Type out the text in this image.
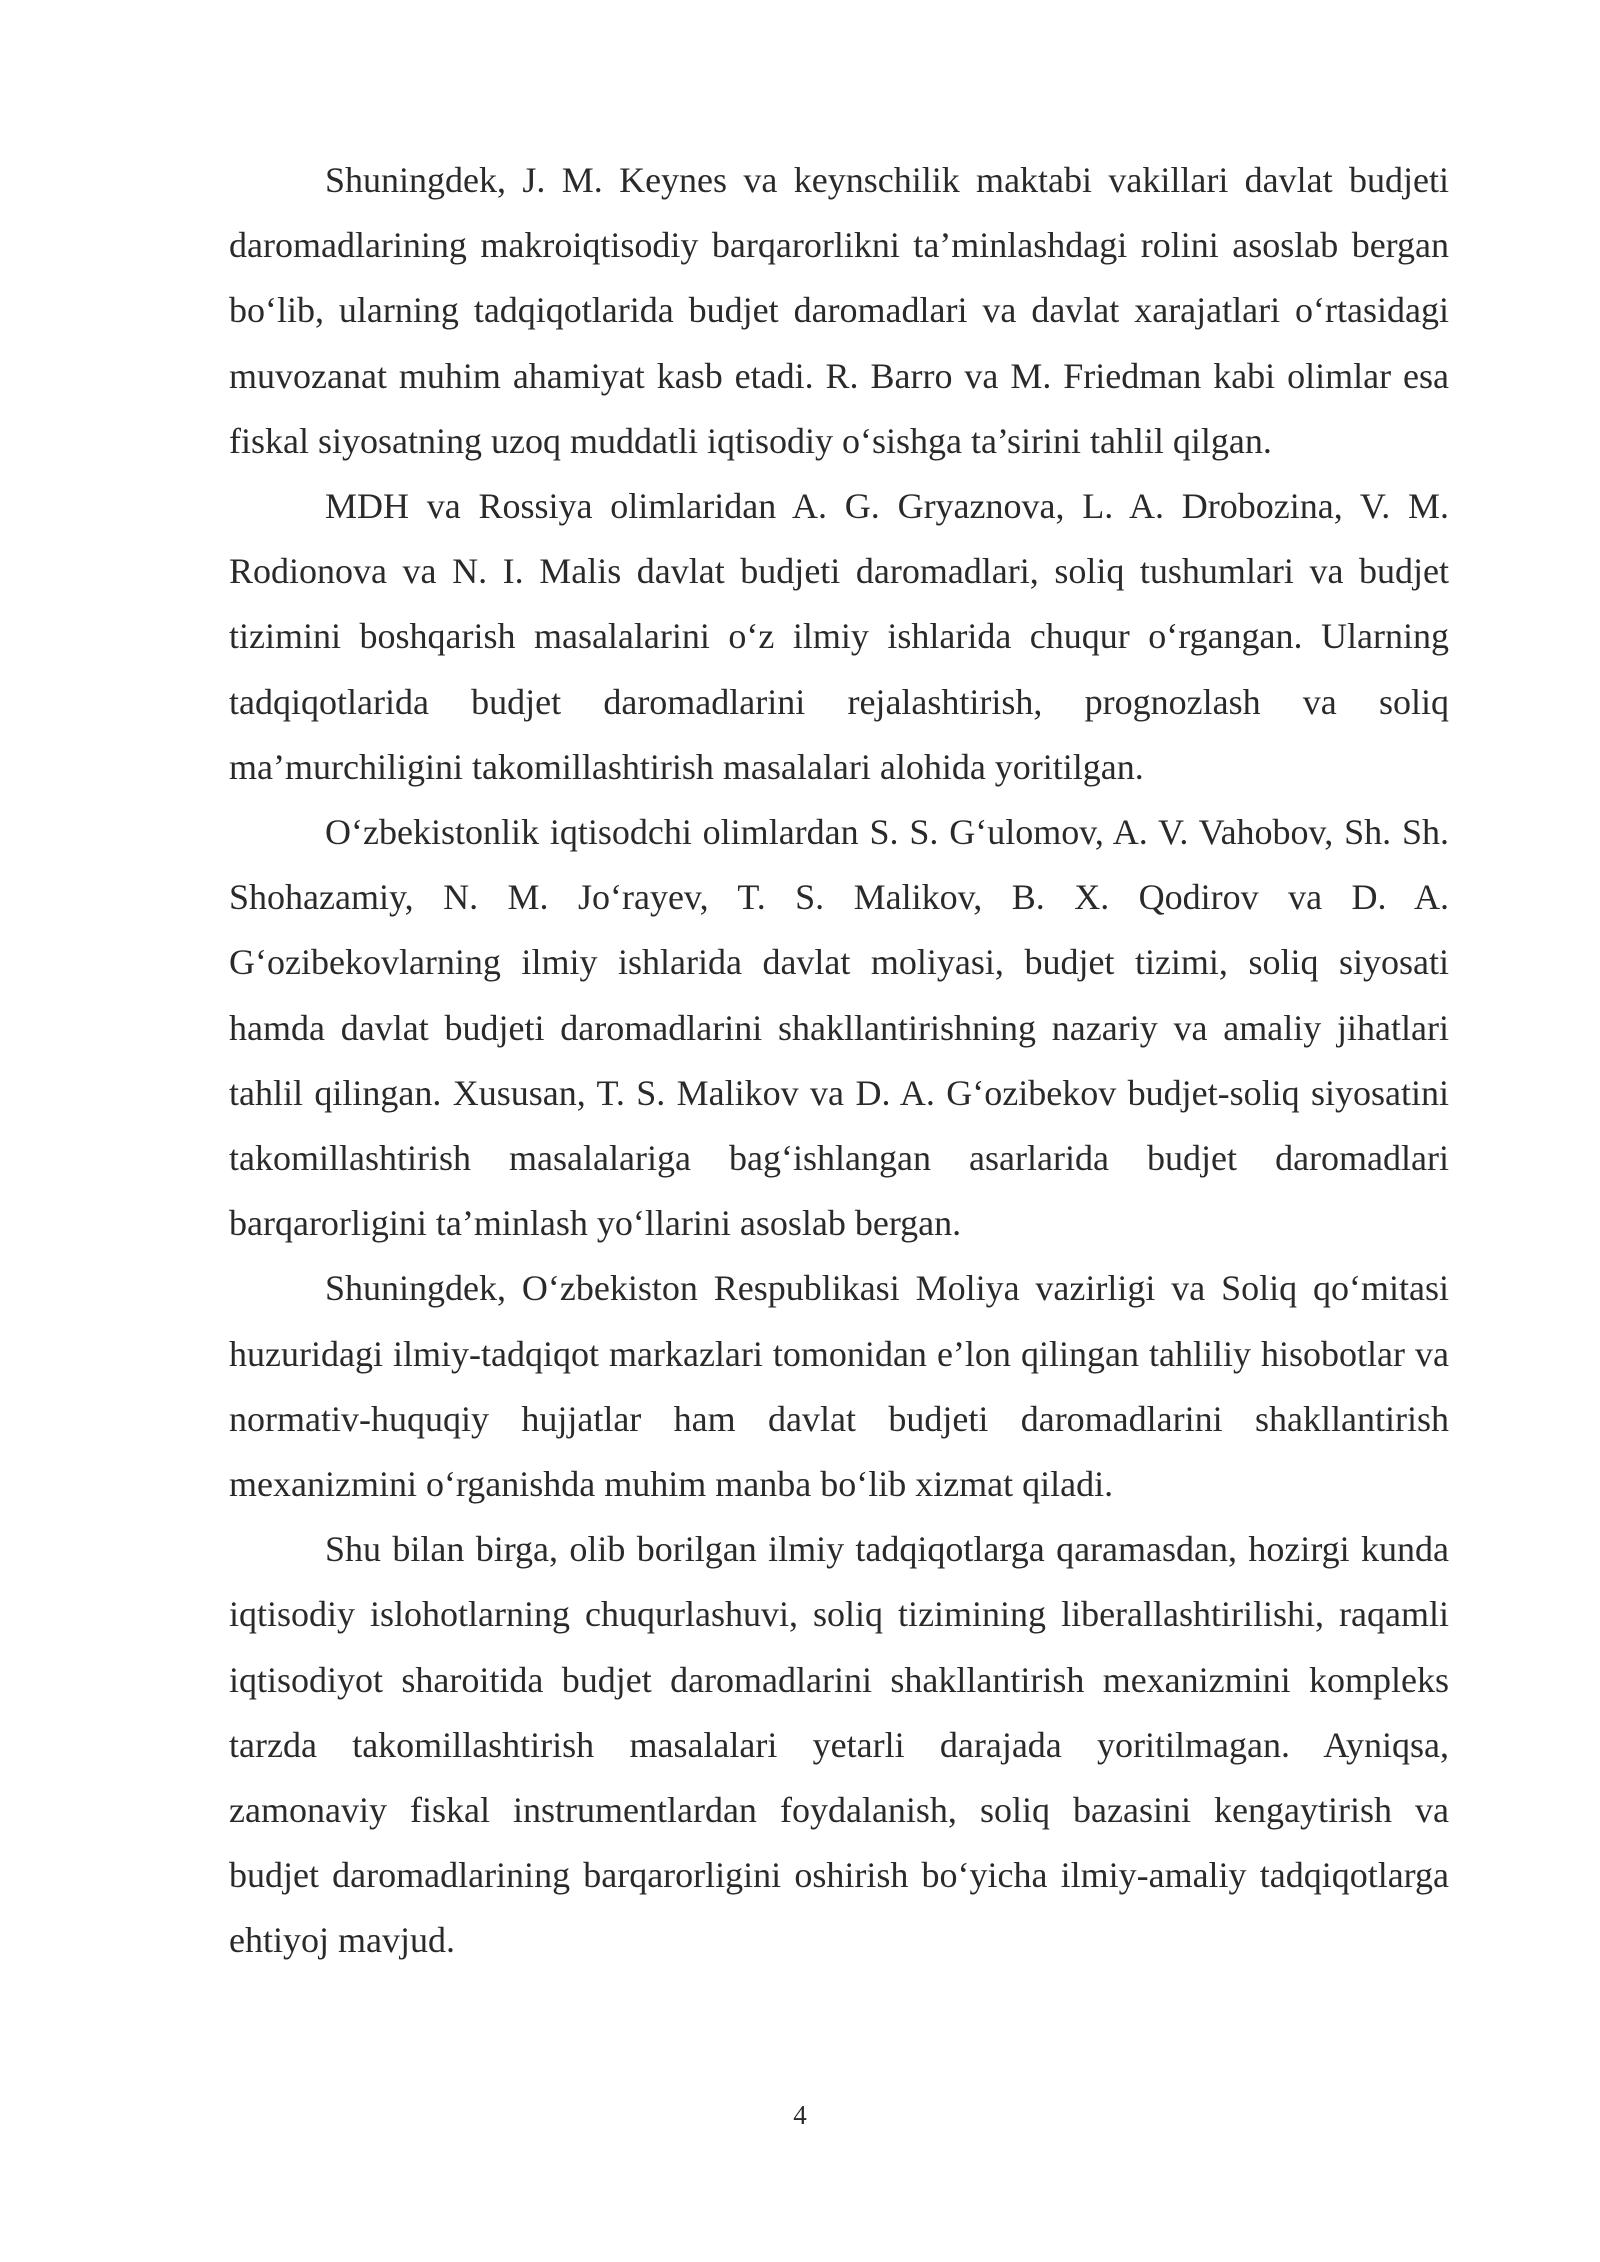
Shuningdek, J. M. Keynes va keynschilik maktabi vakillari davlat budjeti daromadlarining makroiqtisodiy barqarorlikni ta’minlashdagi rolini asoslab bergan bo‘lib, ularning tadqiqotlarida budjet daromadlari va davlat xarajatlari o‘rtasidagi muvozanat muhim ahamiyat kasb etadi. R. Barro va M. Friedman kabi olimlar esa fiskal siyosatning uzoq muddatli iqtisodiy o‘sishga ta’sirini tahlil qilgan.

MDH va Rossiya olimlaridan A. G. Gryaznova, L. A. Drobozina, V. M. Rodionova va N. I. Malis davlat budjeti daromadlari, soliq tushumlari va budjet tizimini boshqarish masalalarini o‘z ilmiy ishlarida chuqur o‘rgangan. Ularning tadqiqotlarida budjet daromadlarini rejalashtirish, prognozlash va soliq ma’murchiligini takomillashtirish masalalari alohida yoritilgan.

O‘zbekistonlik iqtisodchi olimlardan S. S. G‘ulomov, A. V. Vahobov, Sh. Sh. Shohazamiy, N. M. Jo‘rayev, T. S. Malikov, B. X. Qodirov va D. A. G‘ozibekovlarning ilmiy ishlarida davlat moliyasi, budjet tizimi, soliq siyosati hamda davlat budjeti daromadlarini shakllantirishning nazariy va amaliy jihatlari tahlil qilingan. Xususan, T. S. Malikov va D. A. G‘ozibekov budjet-soliq siyosatini takomillashtirish masalalariga bag‘ishlangan asarlarida budjet daromadlari barqarorligini ta’minlash yo‘llarini asoslab bergan.

Shuningdek, O‘zbekiston Respublikasi Moliya vazirligi va Soliq qo‘mitasi huzuridagi ilmiy-tadqiqot markazlari tomonidan e’lon qilingan tahliliy hisobotlar va normativ-huquqiy hujjatlar ham davlat budjeti daromadlarini shakllantirish mexanizmini o‘rganishda muhim manba bo‘lib xizmat qiladi.

Shu bilan birga, olib borilgan ilmiy tadqiqotlarga qaramasdan, hozirgi kunda iqtisodiy islohotlarning chuqurlashuvi, soliq tizimining liberallashtirilishi, raqamli iqtisodiyot sharoitida budjet daromadlarini shakllantirish mexanizmini kompleks tarzda takomillashtirish masalalari yetarli darajada yoritilmagan. Ayniqsa, zamonaviy fiskal instrumentlardan foydalanish, soliq bazasini kengaytirish va budjet daromadlarining barqarorligini oshirish bo‘yicha ilmiy-amaliy tadqiqotlarga ehtiyoj mavjud.

4
